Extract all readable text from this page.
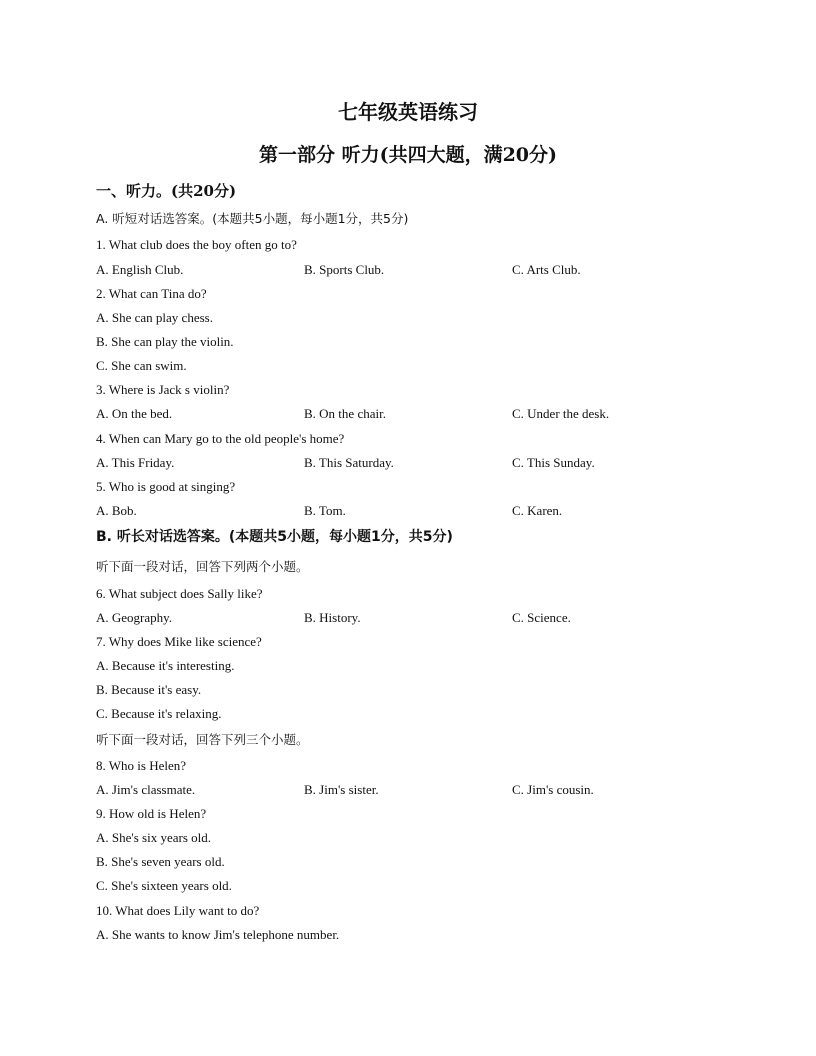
七年级英语练习
第一部分 听力(共四大题，满20分)
一、听力。(共20分)
A. 听短对话选答案。(本题共5小题，每小题1分，共5分)
1. What club does the boy often go to?
A. English Club.	B. Sports Club.	C. Arts Club.
2. What can Tina do?
A. She can play chess.
B. She can play the violin.
C. She can swim.
3. Where is Jack s violin?
A. On the bed.	B. On the chair.	C. Under the desk.
4. When can Mary go to the old people's home?
A. This Friday.	B. This Saturday.	C. This Sunday.
5. Who is good at singing?
A. Bob.	B. Tom.	C. Karen.
B. 听长对话选答案。(本题共5小题，每小题1分，共5分)
听下面一段对话，回答下列两个小题。
6. What subject does Sally like?
A. Geography.	B. History.	C. Science.
7. Why does Mike like science?
A. Because it's interesting.
B. Because it's easy.
C. Because it's relaxing.
听下面一段对话，回答下列三个小题。
8. Who is Helen?
A. Jim's classmate.	B. Jim's sister.	C. Jim's cousin.
9. How old is Helen?
A. She's six years old.
B. She's seven years old.
C. She's sixteen years old.
10. What does Lily want to do?
A. She wants to know Jim's telephone number.
